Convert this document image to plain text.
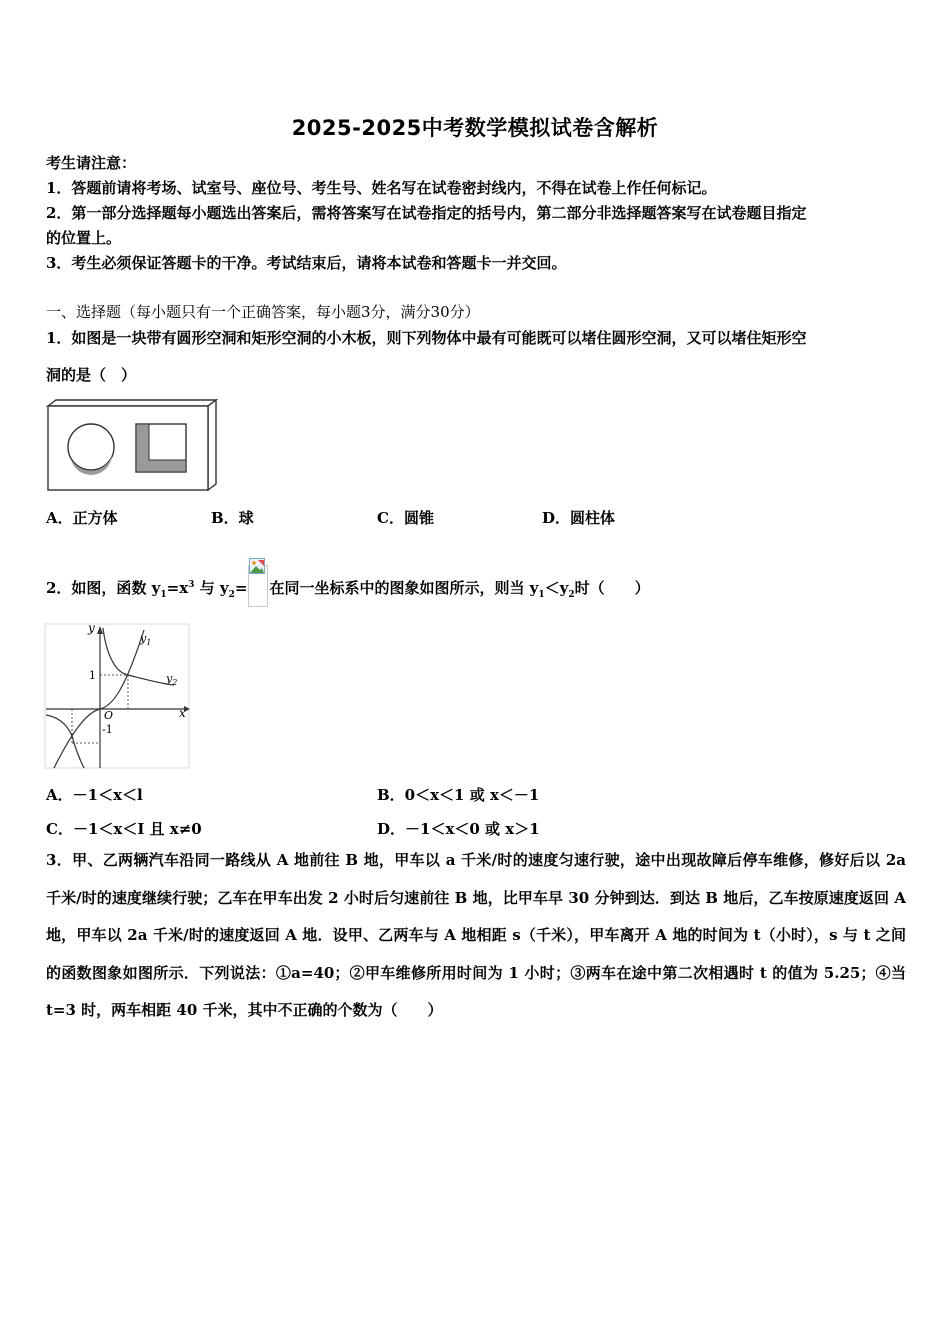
2025-2025中考数学模拟试卷含解析
考生请注意：
1．答题前请将考场、试室号、座位号、考生号、姓名写在试卷密封线内，不得在试卷上作任何标记。
2．第一部分选择题每小题选出答案后，需将答案写在试卷指定的括号内，第二部分非选择题答案写在试卷题目指定
的位置上。
3．考生必须保证答题卡的干净。考试结束后，请将本试卷和答题卡一并交回。
一、选择题（每小题只有一个正确答案，每小题3分，满分30分）
1．如图是一块带有圆形空洞和矩形空洞的小木板，则下列物体中最有可能既可以堵住圆形空洞，又可以堵住矩形空
洞的是（　）
A．正方体	B．球	C．圆锥	D．圆柱体
2．如图，函数 $y_1=x^3$ 与 $y_2=$ 在同一坐标系中的图象如图所示，则当 $y_1<y_2$时（　　）
y
x
O
1
-1
$y_1$
$y_2$
A．－1＜x＜l	B．0＜x＜1 或 x＜－1
C．－1＜x＜I 且 x≠0	D．－1＜x＜0 或 x＞1
3．甲、乙两辆汽车沿同一路线从 A 地前往 B 地，甲车以 a 千米/时的速度匀速行驶，途中出现故障后停车维修，修好后以 2a 千米/时的速度继续行驶；乙车在甲车出发 2 小时后匀速前往 B 地，比甲车早 30 分钟到达．到达 B 地后，乙车按原速度返回 A 地，甲车以 2a 千米/时的速度返回 A 地．设甲、乙两车与 A 地相距 s（千米），甲车离开 A 地的时间为 t（小时），s 与 t 之间的函数图象如图所示．下列说法：①a=40；②甲车维修所用时间为 1 小时；③两车在途中第二次相遇时 t 的值为 5.25；④当 t=3 时，两车相距 40 千米，其中不正确的个数为（　　）
